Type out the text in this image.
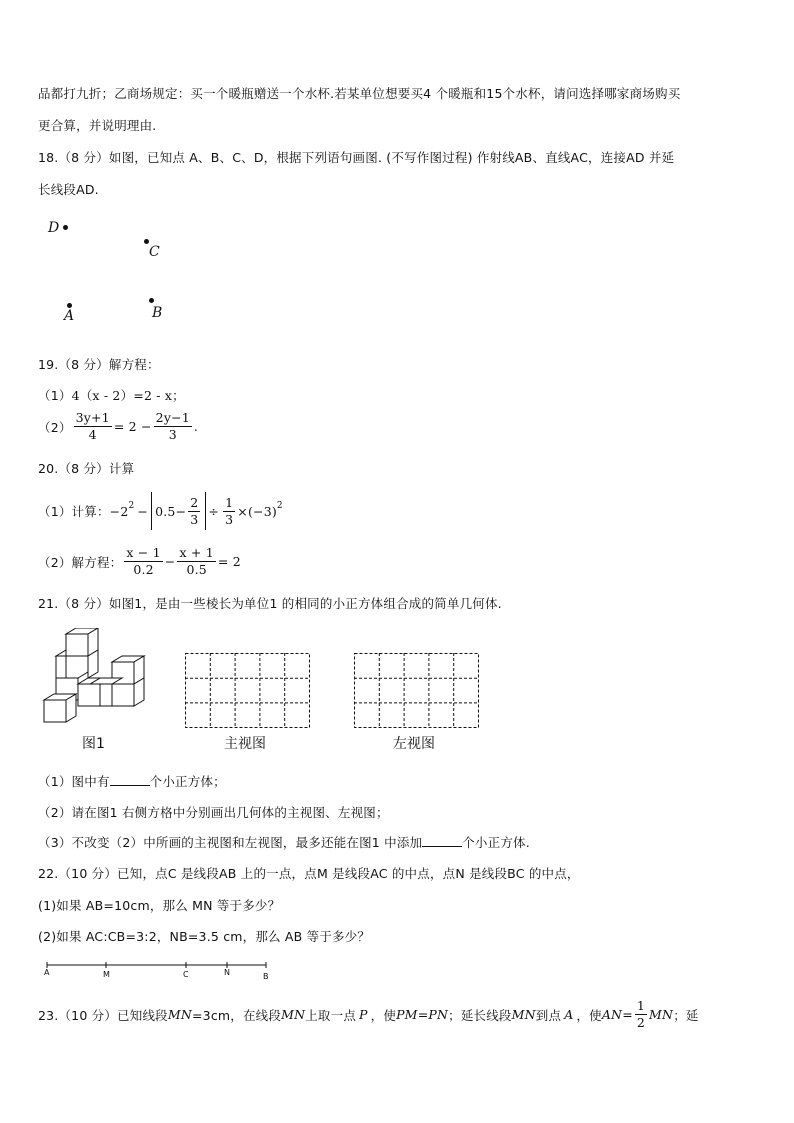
品都打九折；乙商场规定：买一个暖瓶赠送一个水杯.若某单位想要买4 个暖瓶和15个水杯，请问选择哪家商场购买
更合算，并说明理由.
18.（8 分）如图，已知点 A、B、C、D，根据下列语句画图. (不写作图过程) 作射线AB、直线AC，连接AD 并延
长线段AD.
D
C
A	B
19.（8 分）解方程：
（1）4（x - 2）=2 - x；
$(2) \frac{3y+1}{4} = 2 - \frac{2y-1}{3}$ .
20.（8 分）计算
（1）计算： $-2^2 - 0.5- \frac{2}{3} \div \frac{1}{3} \times(-3)^2$
（2）解方程： $\frac{x - 1}{0.2} - \frac{x + 1}{0.5} = 2$
21.（8 分）如图1，是由一些棱长为单位1 的相同的小正方体组合成的简单几何体.
图1	主视图	左视图
（1）图中有	个小正方体；
（2）请在图1 右侧方格中分别画出几何体的主视图、左视图；
（3）不改变（2）中所画的主视图和左视图，最多还能在图1 中添加	个小正方体.
22.（10 分）已知，点C 是线段AB 上的一点，点M 是线段AC 的中点，点N 是线段BC 的中点，
(1)如果 AB=10cm，那么 MN 等于多少？
(2)如果 AC:CB=3:2，NB=3.5 cm，那么 AB 等于多少？
A	M	C	N	B
23.（10 分）已知线段 MN =3cm，在线段 MN 上取一点 P ，使 PM = PN ；延长线段 MN 到点 A ，使 AN = $\frac{1}{2}$ MN ；延
